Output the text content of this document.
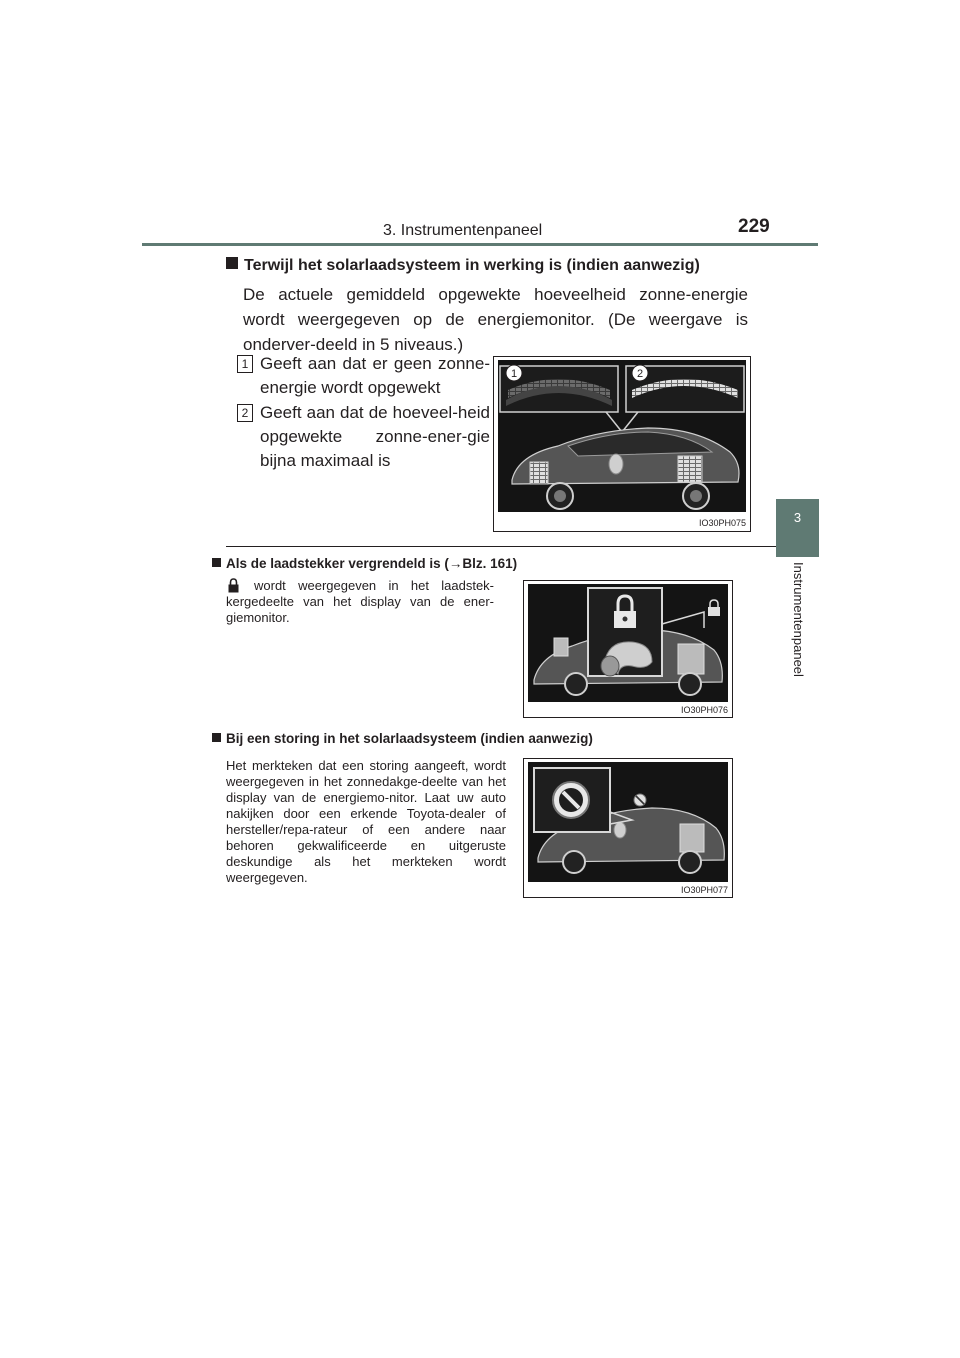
3. Instrumentenpaneel	229
3
Instrumentenpaneel
Terwijl het solarlaadsysteem in werking is (indien aanwezig)
De actuele gemiddeld opgewekte hoeveelheid zonne-energie wordt weergegeven op de energiemonitor. (De weergave is onderver-deeld in 5 niveaus.)
1 Geeft aan dat er geen zonne-energie wordt opgewekt
2 Geeft aan dat de hoeveel-heid opgewekte zonne-ener-gie bijna maximaal is
1	2
IO30PH075
Als de laadstekker vergrendeld is (→Blz. 161)
wordt weergegeven in het laadstek-kergedeelte van het display van de ener-giemonitor.
IO30PH076
Bij een storing in het solarlaadsysteem (indien aanwezig)
Het merkteken dat een storing aangeeft, wordt weergegeven in het zonnedakge-deelte van het display van de energiemo-nitor. Laat uw auto nakijken door een erkende Toyota-dealer of hersteller/repa-rateur of een andere naar behoren gekwalificeerde en uitgeruste deskundige als het merkteken wordt weergegeven.
IO30PH077
